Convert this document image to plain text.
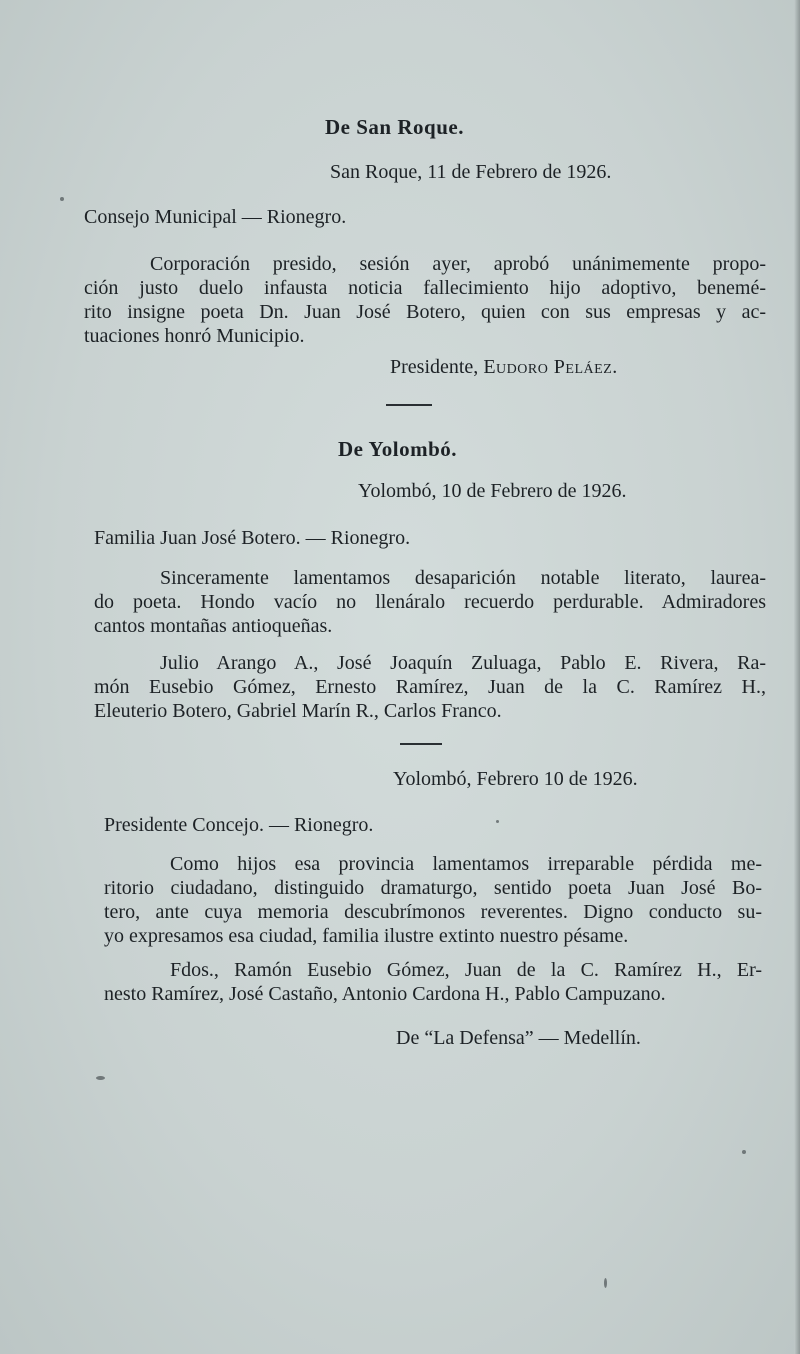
De San Roque.
San Roque, 11 de Febrero de 1926.
Consejo Municipal — Rionegro.
Corporación presido, sesión ayer, aprobó unánimemente propo-
ción justo duelo infausta noticia fallecimiento hijo adoptivo, benemé-
rito insigne poeta Dn. Juan José Botero, quien con sus empresas y ac-
tuaciones honró Municipio.
Presidente, Eudoro Peláez.
De Yolombó.
Yolombó, 10 de Febrero de 1926.
Familia Juan José Botero. — Rionegro.
Sinceramente lamentamos desaparición notable literato, laurea-
do poeta. Hondo vacío no llenáralo recuerdo perdurable. Admiradores
cantos montañas antioqueñas.
Julio Arango A., José Joaquín Zuluaga, Pablo E. Rivera, Ra-
món Eusebio Gómez, Ernesto Ramírez, Juan de la C. Ramírez H.,
Eleuterio Botero, Gabriel Marín R., Carlos Franco.
Yolombó, Febrero 10 de 1926.
Presidente Concejo. — Rionegro.
Como hijos esa provincia lamentamos irreparable pérdida me-
ritorio ciudadano, distinguido dramaturgo, sentido poeta Juan José Bo-
tero, ante cuya memoria descubrímonos reverentes. Digno conducto su-
yo expresamos esa ciudad, familia ilustre extinto nuestro pésame.
Fdos., Ramón Eusebio Gómez, Juan de la C. Ramírez H., Er-
nesto Ramírez, José Castaño, Antonio Cardona H., Pablo Campuzano.
De “La Defensa” — Medellín.
